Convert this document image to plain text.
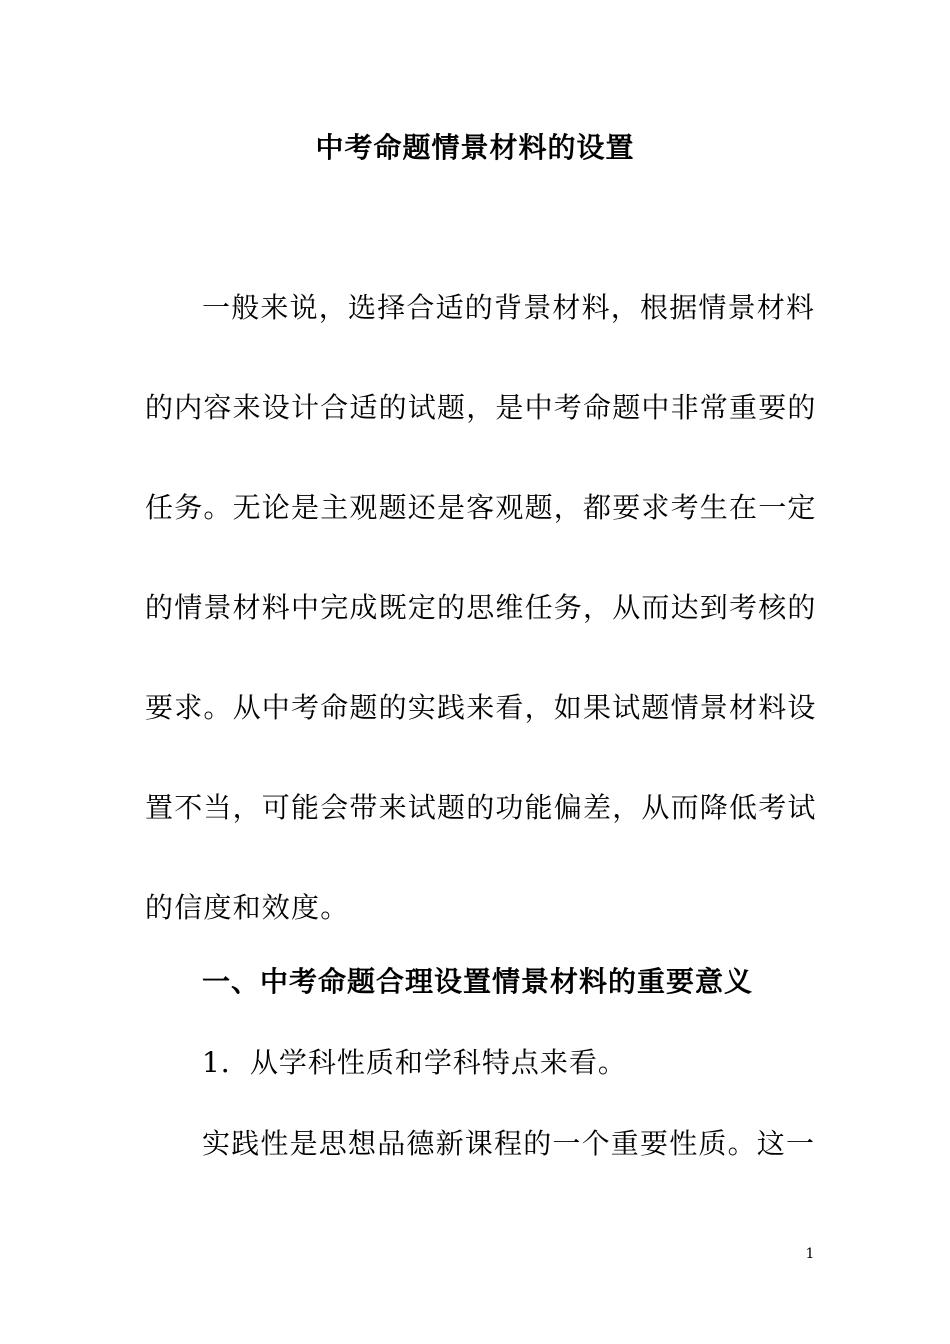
中考命题情景材料的设置
一般来说，选择合适的背景材料，根据情景材料
的内容来设计合适的试题，是中考命题中非常重要的
任务。无论是主观题还是客观题，都要求考生在一定
的情景材料中完成既定的思维任务，从而达到考核的
要求。从中考命题的实践来看，如果试题情景材料设
置不当，可能会带来试题的功能偏差，从而降低考试
的信度和效度。
一、中考命题合理设置情景材料的重要意义
1．从学科性质和学科特点来看。
实践性是思想品德新课程的一个重要性质。这一
1
